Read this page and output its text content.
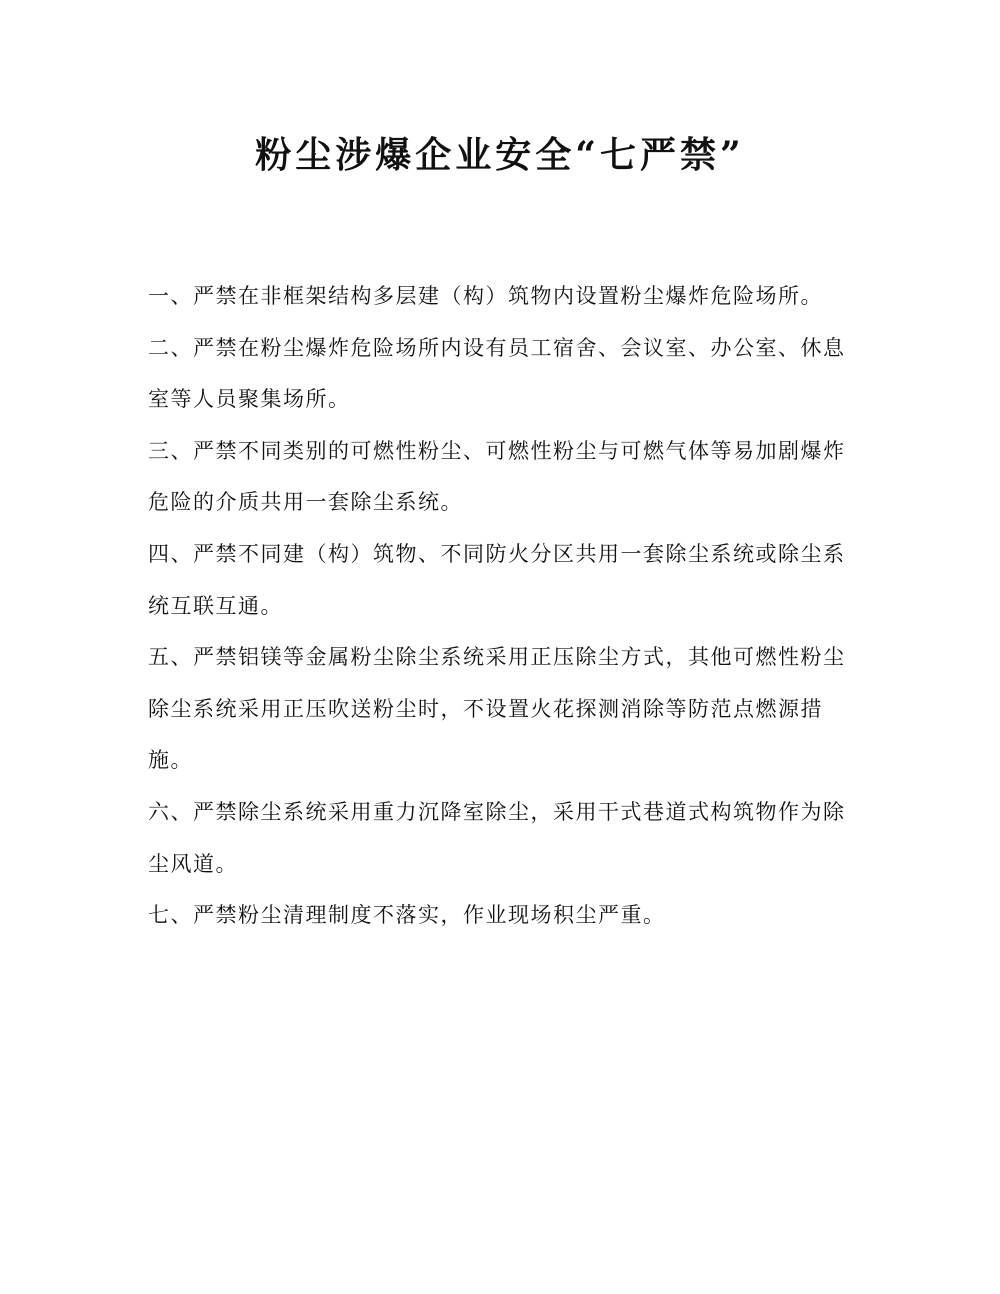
粉尘涉爆企业安全“七严禁”
一、严禁在非框架结构多层建（构）筑物内设置粉尘爆炸危险场所。
二、严禁在粉尘爆炸危险场所内设有员工宿舍、会议室、办公室、休息
室等人员聚集场所。
三、严禁不同类别的可燃性粉尘、可燃性粉尘与可燃气体等易加剧爆炸
危险的介质共用一套除尘系统。
四、严禁不同建（构）筑物、不同防火分区共用一套除尘系统或除尘系
统互联互通。
五、严禁铝镁等金属粉尘除尘系统采用正压除尘方式，其他可燃性粉尘
除尘系统采用正压吹送粉尘时，不设置火花探测消除等防范点燃源措
施。
六、严禁除尘系统采用重力沉降室除尘，采用干式巷道式构筑物作为除
尘风道。
七、严禁粉尘清理制度不落实，作业现场积尘严重。
